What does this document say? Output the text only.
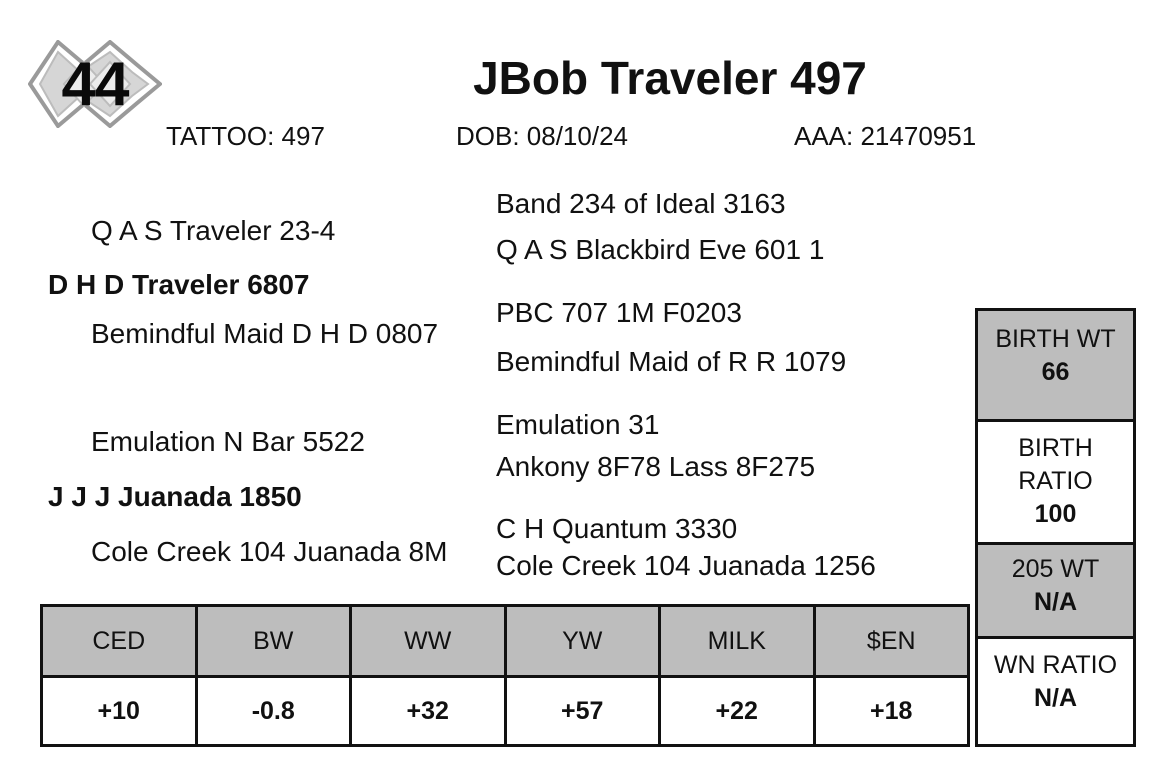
44	JBob Traveler 497
TATTOO: 497	DOB: 08/10/24	AAA: 21470951
Band 234 of Ideal 3163
Q A S Traveler 23-4
Q A S Blackbird Eve 601 1
D H D Traveler 6807
PBC 707 1M F0203
Bemindful Maid D H D 0807
Bemindful Maid of R R 1079
Emulation 31
Emulation N Bar 5522
Ankony 8F78 Lass 8F275
J J J Juanada 1850
C H Quantum 3330
Cole Creek 104 Juanada 8M Cole Creek 104 Juanada 1256
CED	BW	WW	YW	MILK	$EN
+10	-0.8	+32	+57	+22	+18
BIRTH WT
66
BIRTH
RATIO
100
205 WT
N/A
WN RATIO
N/A
